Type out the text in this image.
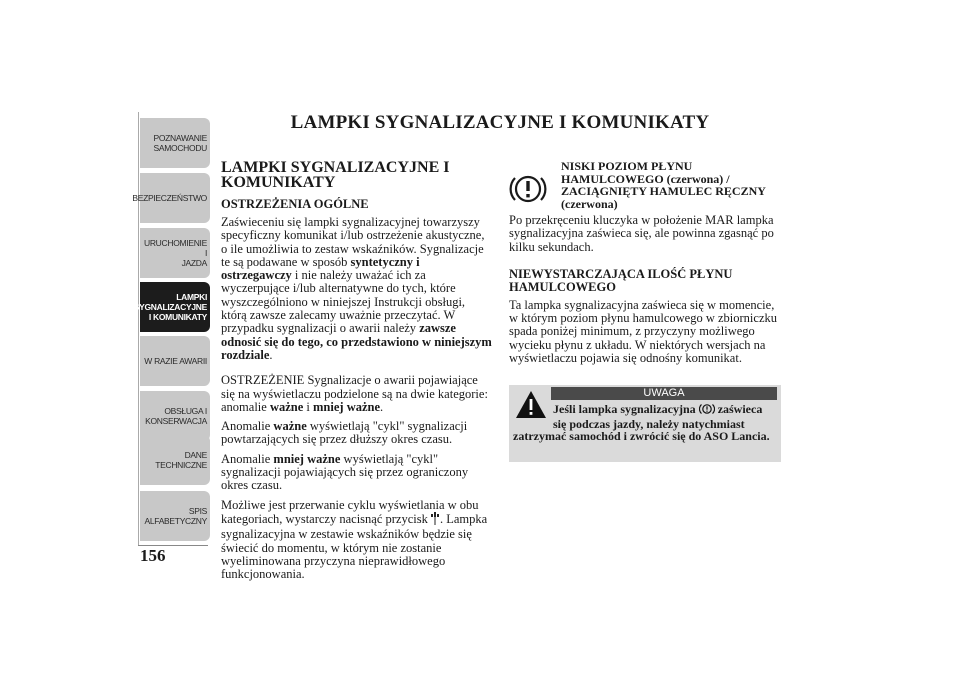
POZNAWANIE
SAMOCHODU
BEZPIECZEŃSTWO
URUCHOMIENIE I
JAZDA
LAMPKI
SYGNALIZACYJNE
I KOMUNIKATY
W RAZIE AWARII
OBSŁUGA I
KONSERWACJA
DANE
TECHNICZNE
SPIS
ALFABETYCZNY
156
LAMPKI SYGNALIZACYJNE I KOMUNIKATY
LAMPKI SYGNALIZACYJNE I KOMUNIKATY
OSTRZEŻENIA OGÓLNE

Zaświeceniu się lampki sygnalizacyjnej towarzyszy specyficzny komunikat i/lub ostrzeżenie akustyczne, o ile umożliwia to zestaw wskaźników. Sygnalizacje te są podawane w sposób syntetyczny i ostrzegawczy i nie należy uważać ich za wyczerpujące i/lub alternatywne do tych, które wyszczególniono w niniejszej Instrukcji obsługi, którą zawsze zalecamy uważnie przeczytać. W przypadku sygnalizacji o awarii należy zawsze odnosić się do tego, co przedstawiono w niniejszym rozdziale.

OSTRZEŻENIE Sygnalizacje o awarii pojawiające się na wyświetlaczu podzielone są na dwie kategorie: anomalie ważne i mniej ważne.

Anomalie ważne wyświetlają "cykl" sygnalizacji powtarzających się przez dłuższy okres czasu.

Anomalie mniej ważne wyświetlają "cykl" sygnalizacji pojawiających się przez ograniczony okres czasu.

Możliwe jest przerwanie cyklu wyświetlania w obu kategoriach, wystarczy nacisnąć przycisk . Lampka sygnalizacyjna w zestawie wskaźników będzie się świecić do momentu, w którym nie zostanie wyeliminowana przyczyna nieprawidłowego funkcjonowania.

NISKI POZIOM PŁYNU HAMULCOWEGO (czerwona) / ZACIĄGNIĘTY HAMULEC RĘCZNY (czerwona)

Po przekręceniu kluczyka w położenie MAR lampka sygnalizacyjna zaświeca się, ale powinna zgasnąć po kilku sekundach.

NIEWYSTARCZAJĄCA ILOŚĆ PŁYNU HAMULCOWEGO

Ta lampka sygnalizacyjna zaświeca się w momencie, w którym poziom płynu hamulcowego w zbiorniczku spada poniżej minimum, z przyczyny możliwego wycieku płynu z układu. W niektórych wersjach na wyświetlaczu pojawia się odnośny komunikat.

UWAGA
Jeśli lampka sygnalizacyjna  zaświeca się podczas jazdy, należy natychmiast
zatrzymać samochód i zwrócić się do ASO Lancia.
